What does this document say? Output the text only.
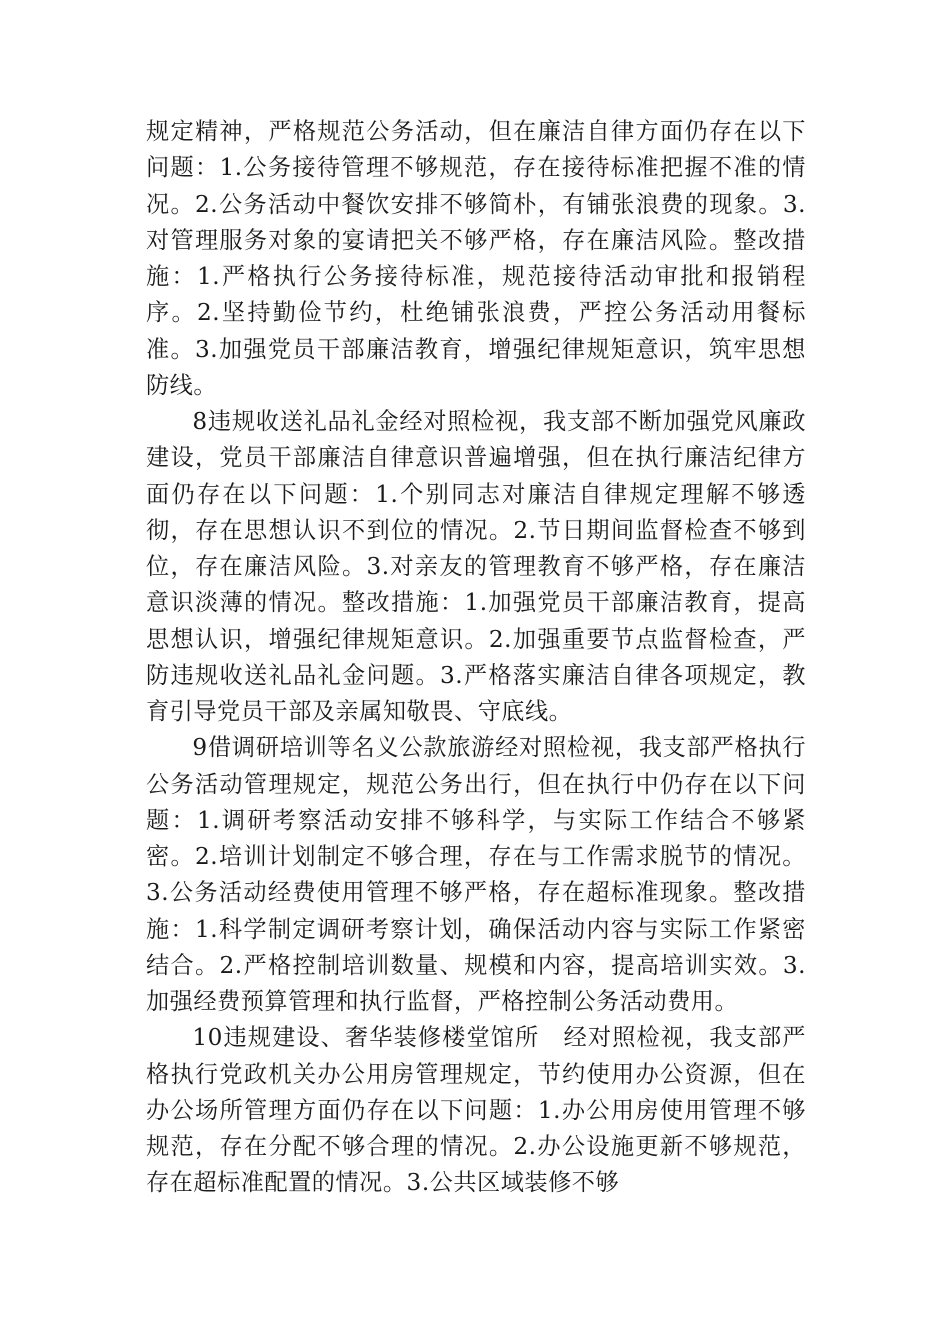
规定精神，严格规范公务活动，但在廉洁自律方面仍存在以下问题：1.公务接待管理不够规范，存在接待标准把握不准的情况。2.公务活动中餐饮安排不够简朴，有铺张浪费的现象。3.对管理服务对象的宴请把关不够严格，存在廉洁风险。整改措施：1.严格执行公务接待标准，规范接待活动审批和报销程序。2.坚持勤俭节约，杜绝铺张浪费，严控公务活动用餐标准。3.加强党员干部廉洁教育，增强纪律规矩意识，筑牢思想防线。

8违规收送礼品礼金经对照检视，我支部不断加强党风廉政建设，党员干部廉洁自律意识普遍增强，但在执行廉洁纪律方面仍存在以下问题：1.个别同志对廉洁自律规定理解不够透彻，存在思想认识不到位的情况。2.节日期间监督检查不够到位，存在廉洁风险。3.对亲友的管理教育不够严格，存在廉洁意识淡薄的情况。整改措施：1.加强党员干部廉洁教育，提高思想认识，增强纪律规矩意识。2.加强重要节点监督检查，严防违规收送礼品礼金问题。3.严格落实廉洁自律各项规定，教育引导党员干部及亲属知敬畏、守底线。

9借调研培训等名义公款旅游经对照检视，我支部严格执行公务活动管理规定，规范公务出行，但在执行中仍存在以下问题：1.调研考察活动安排不够科学，与实际工作结合不够紧密。2.培训计划制定不够合理，存在与工作需求脱节的情况。3.公务活动经费使用管理不够严格，存在超标准现象。整改措施：1.科学制定调研考察计划，确保活动内容与实际工作紧密结合。2.严格控制培训数量、规模和内容，提高培训实效。3.加强经费预算管理和执行监督，严格控制公务活动费用。

10违规建设、奢华装修楼堂馆所　经对照检视，我支部严格执行党政机关办公用房管理规定，节约使用办公资源，但在办公场所管理方面仍存在以下问题：1.办公用房使用管理不够规范，存在分配不够合理的情况。2.办公设施更新不够规范，存在超标准配置的情况。3.公共区域装修不够
